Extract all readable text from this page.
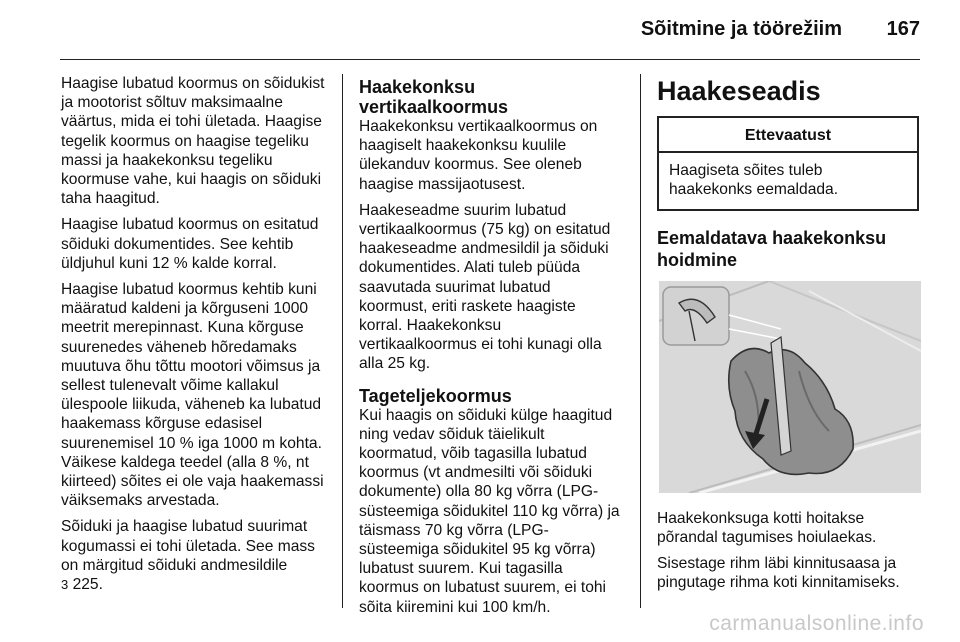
Sõitmine ja töörežiim 167

Haagise lubatud koormus on sõidukist ja mootorist sõltuv maksimaalne väärtus, mida ei tohi ületada. Haagise tegelik koormus on haagise tegeliku massi ja haakekonksu tegeliku koormuse vahe, kui haagis on sõiduki taha haagitud.

Haagise lubatud koormus on esitatud sõiduki dokumentides. See kehtib üldjuhul kuni 12 % kalde korral.

Haagise lubatud koormus kehtib kuni määratud kaldeni ja kõrguseni 1000 meetrit merepinnast. Kuna kõrguse suurenedes väheneb hõredamaks muutuva õhu tõttu mootori võimsus ja sellest tulenevalt võime kallakul ülespoole liikuda, väheneb ka lubatud haakemass kõrguse edasisel suurenemisel 10 % iga 1000 m kohta. Väikese kaldega teedel (alla 8 %, nt kiirteed) sõites ei ole vaja haakemassi väiksemaks arvestada.

Sõiduki ja haagise lubatud suurimat kogumassi ei tohi ületada. See mass on märgitud sõiduki andmesildile
3 225.

Haakekonksu vertikaalkoormus

Haakekonksu vertikaalkoormus on haagiselt haakekonksu kuulile ülekanduv koormus. See oleneb haagise massijaotusest.

Haakeseadme suurim lubatud vertikaalkoormus (75 kg) on esitatud haakeseadme andmesildil ja sõiduki dokumentides. Alati tuleb püüda saavutada suurimat lubatud koormust, eriti raskete haagiste korral. Haakekonksu vertikaalkoormus ei tohi kunagi olla alla 25 kg.

Tageteljekoormus

Kui haagis on sõiduki külge haagitud ning vedav sõiduk täielikult koormatud, võib tagasilla lubatud koormus (vt andmesilti või sõiduki dokumente) olla 80 kg võrra (LPG-süsteemiga sõidukitel 110 kg võrra) ja täismass 70 kg võrra (LPG-süsteemiga sõidukitel 95 kg võrra) lubatust suurem. Kui tagasilla koormus on lubatust suurem, ei tohi sõita kiiremini kui 100 km/h.

Haakeseadis
Ettevaatust
Haagiseta sõites tuleb haakekonks eemaldada.
Eemaldatava haakekonksu hoidmine

Haakekonksuga kotti hoitakse põrandal tagumises hoiulaekas.

Sisestage rihm läbi kinnitusaasa ja pingutage rihma koti kinnitamiseks.

carmanualsonline.info
